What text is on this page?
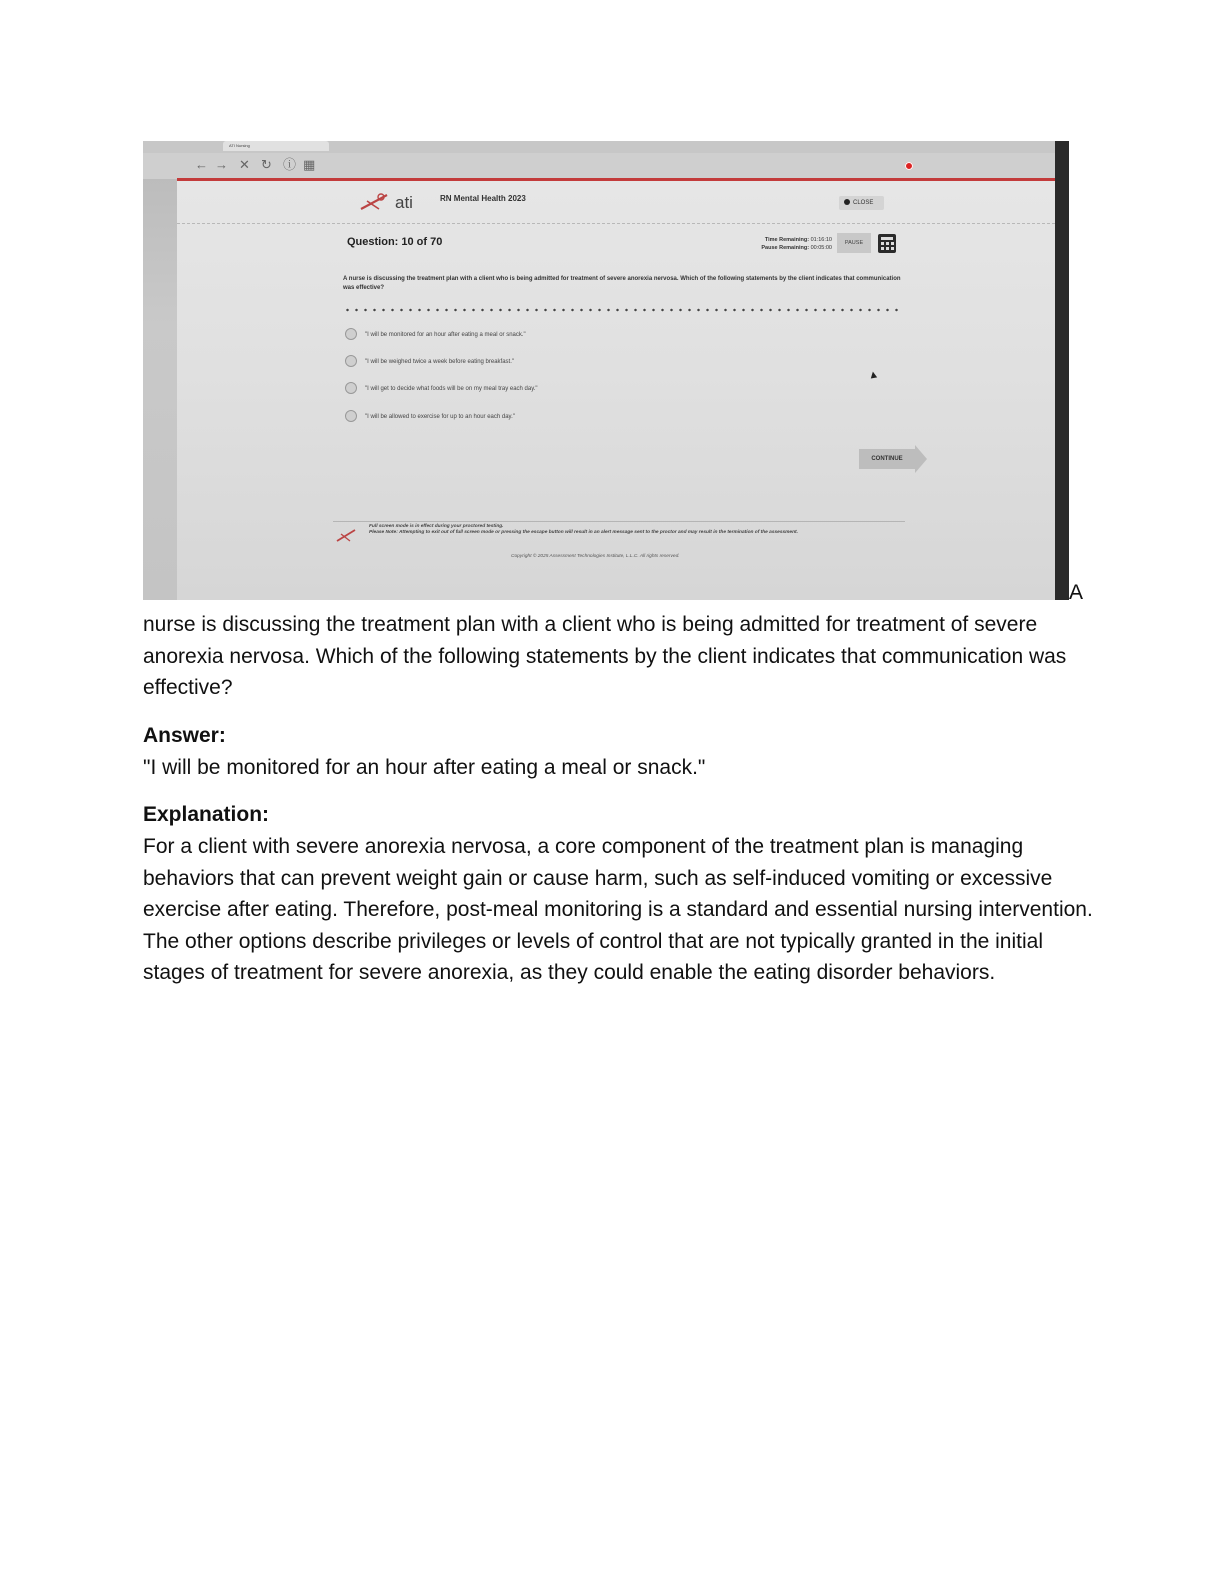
ATI Nursing
← → ✕ ↻ ⓘ ▦
ati	RN Mental Health 2023	CLOSE
Question: 10 of 70	Time Remaining: 01:16:10
Pause Remaining: 00:05:00
PAUSE
A nurse is discussing the treatment plan with a client who is being admitted for treatment of severe anorexia nervosa. Which of the following statements by the client indicates that communication was effective?
"I will be monitored for an hour after eating a meal or snack."
"I will be weighed twice a week before eating breakfast."
"I will get to decide what foods will be on my meal tray each day."
"I will be allowed to exercise for up to an hour each day."
▲
CONTINUE
Full screen mode is in effect during your proctored testing.
Please Note: Attempting to exit out of full screen mode or pressing the escape button will result in an alert message sent to the proctor and may result in the termination of the assessment.
Copyright © 2025 Assessment Technologies Institute, L.L.C. All rights reserved.
A
nurse is discussing the treatment plan with a client who is being admitted for treatment of severe anorexia nervosa. Which of the following statements by the client indicates that communication was effective?
Answer:
"I will be monitored for an hour after eating a meal or snack."
Explanation:
For a client with severe anorexia nervosa, a core component of the treatment plan is managing behaviors that can prevent weight gain or cause harm, such as self-induced vomiting or excessive exercise after eating. Therefore, post-meal monitoring is a standard and essential nursing intervention. The other options describe privileges or levels of control that are not typically granted in the initial stages of treatment for severe anorexia, as they could enable the eating disorder behaviors.
